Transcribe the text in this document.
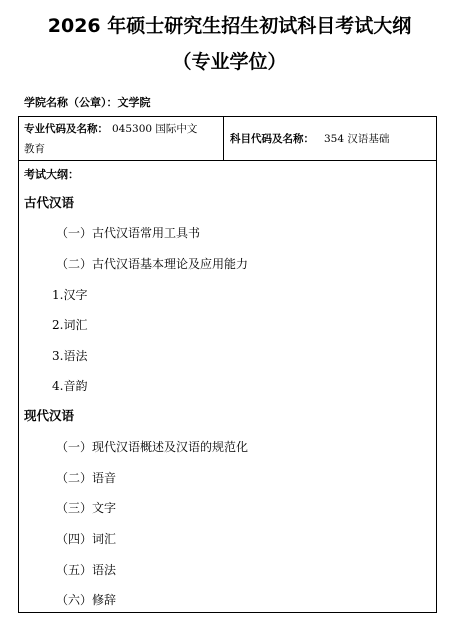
2026 年硕士研究生招生初试科目考试大纲
（专业学位）
学院名称（公章）：文学院
专业代码及名称： 045300 国际中文
教育
科目代码及名称： 354 汉语基础
考试大纲：
古代汉语
（一）古代汉语常用工具书
（二）古代汉语基本理论及应用能力
1.汉字
2.词汇
3.语法
4.音韵
现代汉语
（一）现代汉语概述及汉语的规范化
（二）语音
（三）文字
（四）词汇
（五）语法
（六）修辞
